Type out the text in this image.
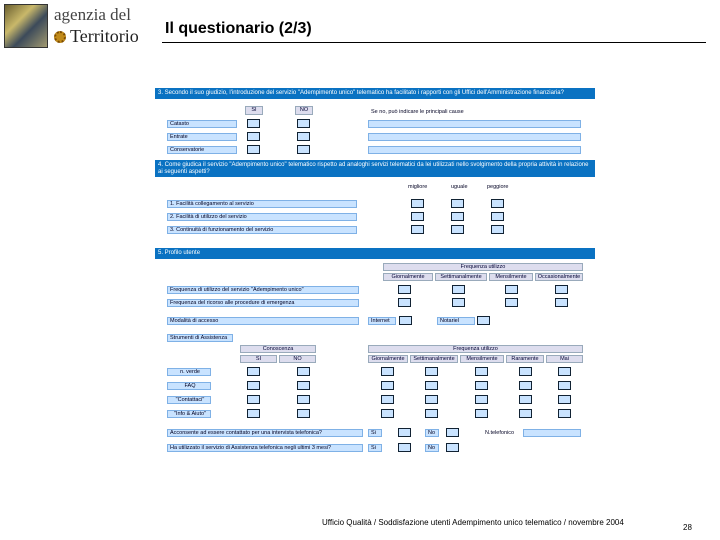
agenzia del
Territorio Il questionario (2/3)
3. Secondo il suo giudizio, l'introduzione del servizio "Adempimento unico" telematico ha facilitato i rapporti con gli Uffici dell'Amministrazione finanziaria?
SI	NO	Se no, può indicare le principali cause
Catasto
Entrate
Conservatorie
4. Come giudica il servizio "Adempimento unico" telematico rispetto ad analoghi servizi telematici da lei utilizzati nello svolgimento della propria attività in relazione ai seguenti aspetti?
migliore	uguale	peggiore
1. Facilità collegamento al servizio
2. Facilità di utilizzo del servizio
3. Continuità di funzionamento del servizio
5. Profilo utente
Frequenza utilizzo
Giornalmente	Settimanalmente	Mensilmente	Occasionalmente
Frequenza di utilizzo del servizio "Adempimento unico"
Frequenza del ricorso alle procedure di emergenza
Modalità di accesso	Internet	Notariel
Strumenti di Assistenza
Conoscenza
SI	NO
Frequenza utilizzo
Giornalmente	Settimanalmente	Mensilmente	Raramente	Mai
n. verde
FAQ
"Contattaci"
"Info & Aiuto"
Acconsente ad essere contattato per una intervista telefonica?	Si	No	N.telefonico
Ha utilizzato il servizio di Assistenza telefonica negli ultimi 3 mesi?	Si	No
Ufficio Qualità / Soddisfazione utenti Adempimento unico telematico / novembre 2004
28
